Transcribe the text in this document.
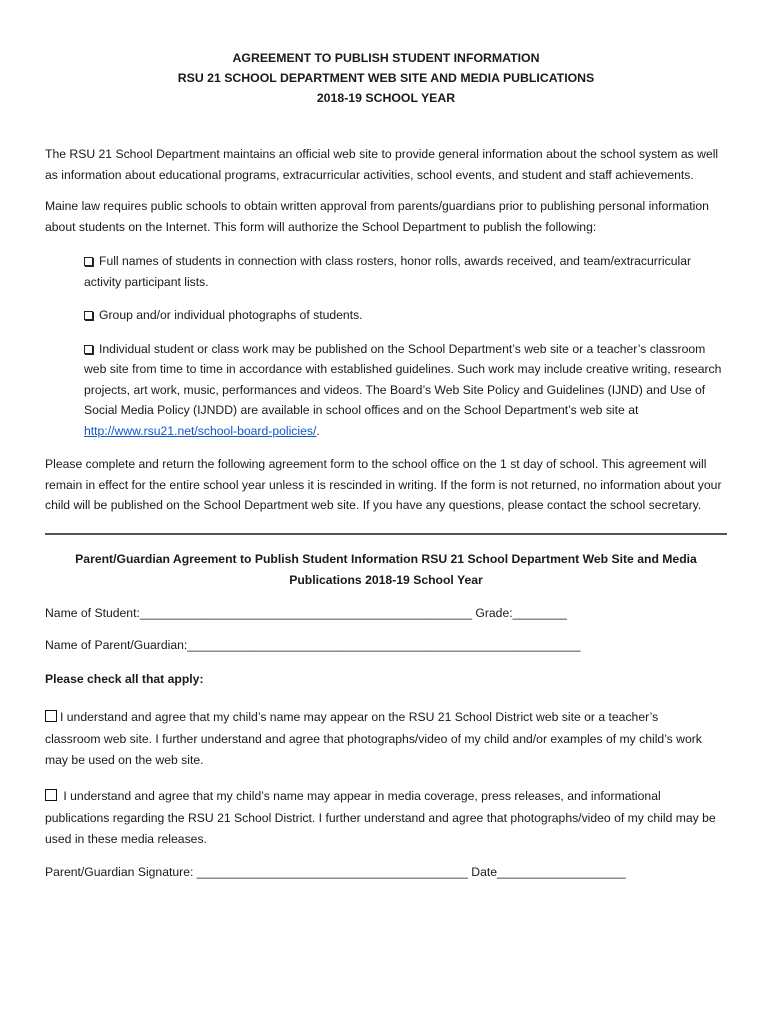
AGREEMENT TO PUBLISH STUDENT INFORMATION
RSU 21 SCHOOL DEPARTMENT WEB SITE AND MEDIA PUBLICATIONS
2018-19 SCHOOL YEAR

The RSU 21 School Department maintains an official web site to provide general information about the school system as well as information about educational programs, extracurricular activities, school events, and student and staff achievements.

Maine law requires public schools to obtain written approval from parents/guardians prior to publishing personal information about students on the Internet. This form will authorize the School Department to publish the following:

Full names of students in connection with class rosters, honor rolls, awards received, and team/extracurricular activity participant lists.

Group and/or individual photographs of students.

Individual student or class work may be published on the School Department’s web site or a teacher’s classroom web site from time to time in accordance with established guidelines. Such work may include creative writing, research projects, art work, music, performances and videos. The Board’s Web Site Policy and Guidelines (IJND) and Use of Social Media Policy (IJNDD) are available in school offices and on the School Department’s web site at http://www.rsu21.net/school-board-policies/.

Please complete and return the following agreement form to the school office on the 1 st day of school. This agreement will remain in effect for the entire school year unless it is rescinded in writing. If the form is not returned, no information about your child will be published on the School Department web site. If you have any questions, please contact the school secretary.

Parent/Guardian Agreement to Publish Student Information RSU 21 School Department Web Site and Media Publications 2018-19 School Year

Name of Student:_________________________________________________ Grade:________

Name of Parent/Guardian:__________________________________________________________

Please check all that apply:

I understand and agree that my child’s name may appear on the RSU 21 School District web site or a teacher’s

classroom web site. I further understand and agree that photographs/video of my child and/or examples of my child’s work may be used on the web site.

I understand and agree that my child’s name may appear in media coverage, press releases, and informational

publications regarding the RSU 21 School District. I further understand and agree that photographs/video of my child may be used in these media releases.

Parent/Guardian Signature: ________________________________________ Date___________________
